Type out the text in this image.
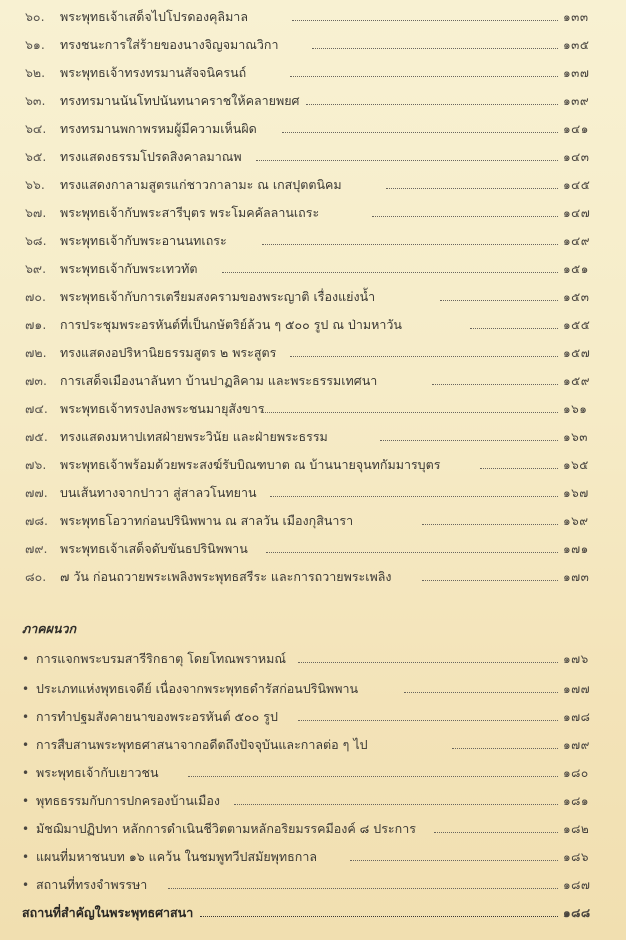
๖๐.	พระพุทธเจ้าเสด็จไปโปรดองคุลิมาล	๑๓๓
๖๑.	ทรงชนะการใส่ร้ายของนางจิญจมาณวิกา	๑๓๕
๖๒.	พระพุทธเจ้าทรงทรมานสัจจนิครนถ์	๑๓๗
๖๓.	ทรงทรมานนันโทปนันทนาคราชให้คลายพยศ	๑๓๙
๖๔.	ทรงทรมานพกาพรหมผู้มีความเห็นผิด	๑๔๑
๖๕.	ทรงแสดงธรรมโปรดสิงคาลมาณพ	๑๔๓
๖๖.	ทรงแสดงกาลามสูตรแก่ชาวกาลามะ ณ เกสปุตตนิคม	๑๔๕
๖๗.	พระพุทธเจ้ากับพระสารีบุตร พระโมคคัลลานเถระ	๑๔๗
๖๘.	พระพุทธเจ้ากับพระอานนทเถระ	๑๔๙
๖๙.	พระพุทธเจ้ากับพระเทวทัต	๑๕๑
๗๐.	พระพุทธเจ้ากับการเตรียมสงครามของพระญาติ เรื่องแย่งน้ำ	๑๕๓
๗๑.	การประชุมพระอรหันต์ที่เป็นกษัตริย์ล้วน ๆ ๕๐๐ รูป ณ ป่ามหาวัน	๑๕๕
๗๒.	ทรงแสดงอปริหานิยธรรมสูตร ๒ พระสูตร	๑๕๗
๗๓.	การเสด็จเมืองนาลันทา บ้านปาฏลิคาม และพระธรรมเทศนา	๑๕๙
๗๔. พระพุทธเจ้าทรงปลงพระชนมายุสังขาร	๑๖๑
๗๕. ทรงแสดงมหาปเทสฝ่ายพระวินัย และฝ่ายพระธรรม	๑๖๓
๗๖.	พระพุทธเจ้าพร้อมด้วยพระสงฆ์รับบิณฑบาต ณ บ้านนายจุนทกัมมารบุตร	๑๖๕
๗๗. บนเส้นทางจากปาวา สู่สาลวโนทยาน	๑๖๗
๗๘. พระพุทธโอวาทก่อนปรินิพพาน ณ สาลวัน เมืองกุสินารา	๑๖๙
๗๙. พระพุทธเจ้าเสด็จดับขันธปรินิพพาน	๑๗๑
๘๐.	๗ วัน ก่อนถวายพระเพลิงพระพุทธสรีระ และการถวายพระเพลิง	๑๗๓
ภาคผนวก
• การแจกพระบรมสารีริกธาตุ โดยโทณพราหมณ์	๑๗๖
• ประเภทแห่งพุทธเจดีย์ เนื่องจากพระพุทธดำรัสก่อนปรินิพพาน	๑๗๗
• การทำปฐมสังคายนาของพระอรหันต์ ๕๐๐ รูป	๑๗๘
• การสืบสานพระพุทธศาสนาจากอดีตถึงปัจจุบันและกาลต่อ ๆ ไป	๑๗๙
• พระพุทธเจ้ากับเยาวชน	๑๘๐
• พุทธธรรมกับการปกครองบ้านเมือง	๑๘๑
• มัชฌิมาปฏิปทา หลักการดำเนินชีวิตตามหลักอริยมรรคมีองค์ ๘ ประการ	๑๘๒
• แผนที่มหาชนบท ๑๖ แคว้น ในชมพูทวีปสมัยพุทธกาล	๑๘๖
• สถานที่ทรงจำพรรษา	๑๘๗
สถานที่สำคัญในพระพุทธศาสนา	๑๘๘
